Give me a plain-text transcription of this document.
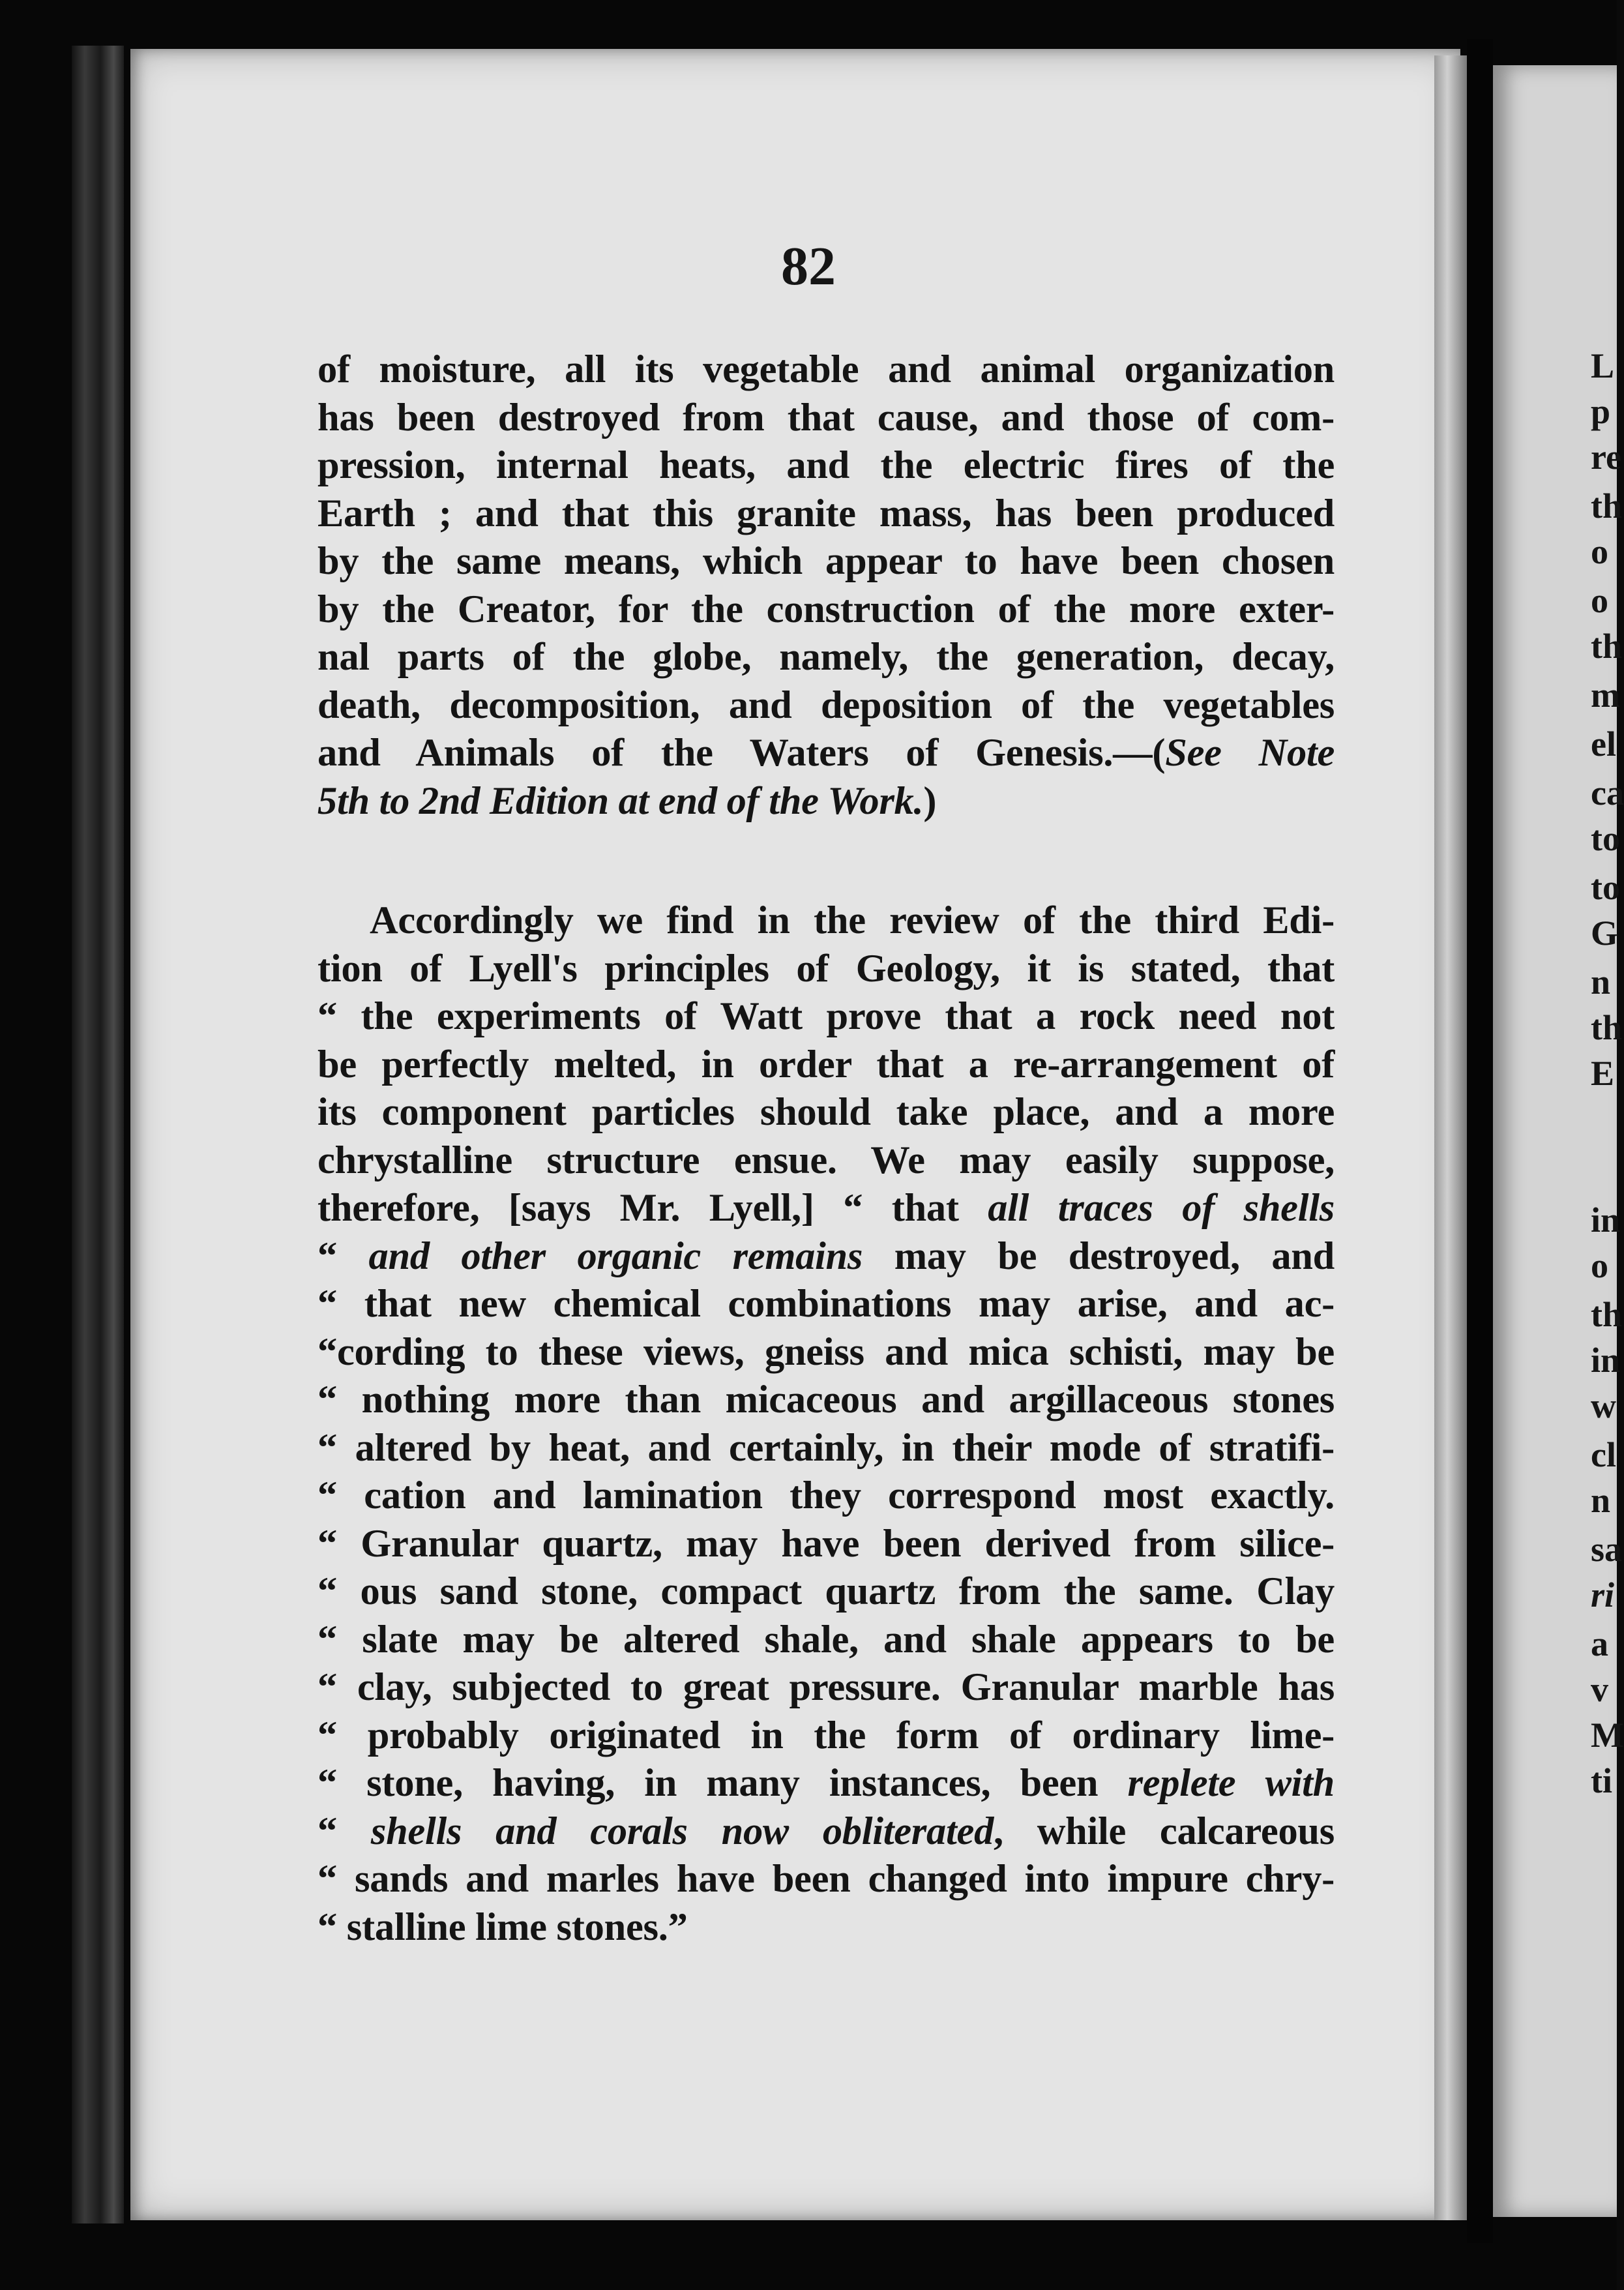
L
p
re
th
o
o
th
m
el
ca
to
to
G
n
th
E
in
o
th
in
w
cl
n
sa
ri
a
v
M
ti
82
of moisture, all its vegetable and animal organization
has been destroyed from that cause, and those of com-
pression, internal heats, and the electric fires of the
Earth ; and that this granite mass, has been produced
by the same means, which appear to have been chosen
by the Creator, for the construction of the more exter-
nal parts of the globe, namely, the generation, decay,
death, decomposition, and deposition of the vegetables
and Animals of the Waters of Genesis.—(See Note
5th to 2nd Edition at end of the Work.)
Accordingly we find in the review of the third Edi-
tion of Lyell's principles of Geology, it is stated, that
“ the experiments of Watt prove that a rock need not
be perfectly melted, in order that a re-arrangement of
its component particles should take place, and a more
chrystalline structure ensue. We may easily suppose,
therefore, [says Mr. Lyell,] “ that all traces of shells
“ and other organic remains may be destroyed, and
“ that new chemical combinations may arise, and ac-
“cording to these views, gneiss and mica schisti, may be
“ nothing more than micaceous and argillaceous stones
“ altered by heat, and certainly, in their mode of stratifi-
“ cation and lamination they correspond most exactly.
“ Granular quartz, may have been derived from silice-
“ ous sand stone, compact quartz from the same. Clay
“ slate may be altered shale, and shale appears to be
“ clay, subjected to great pressure. Granular marble has
“ probably originated in the form of ordinary lime-
“ stone, having, in many instances, been replete with
“ shells and corals now obliterated, while calcareous
“ sands and marles have been changed into impure chry-
“ stalline lime stones.”
